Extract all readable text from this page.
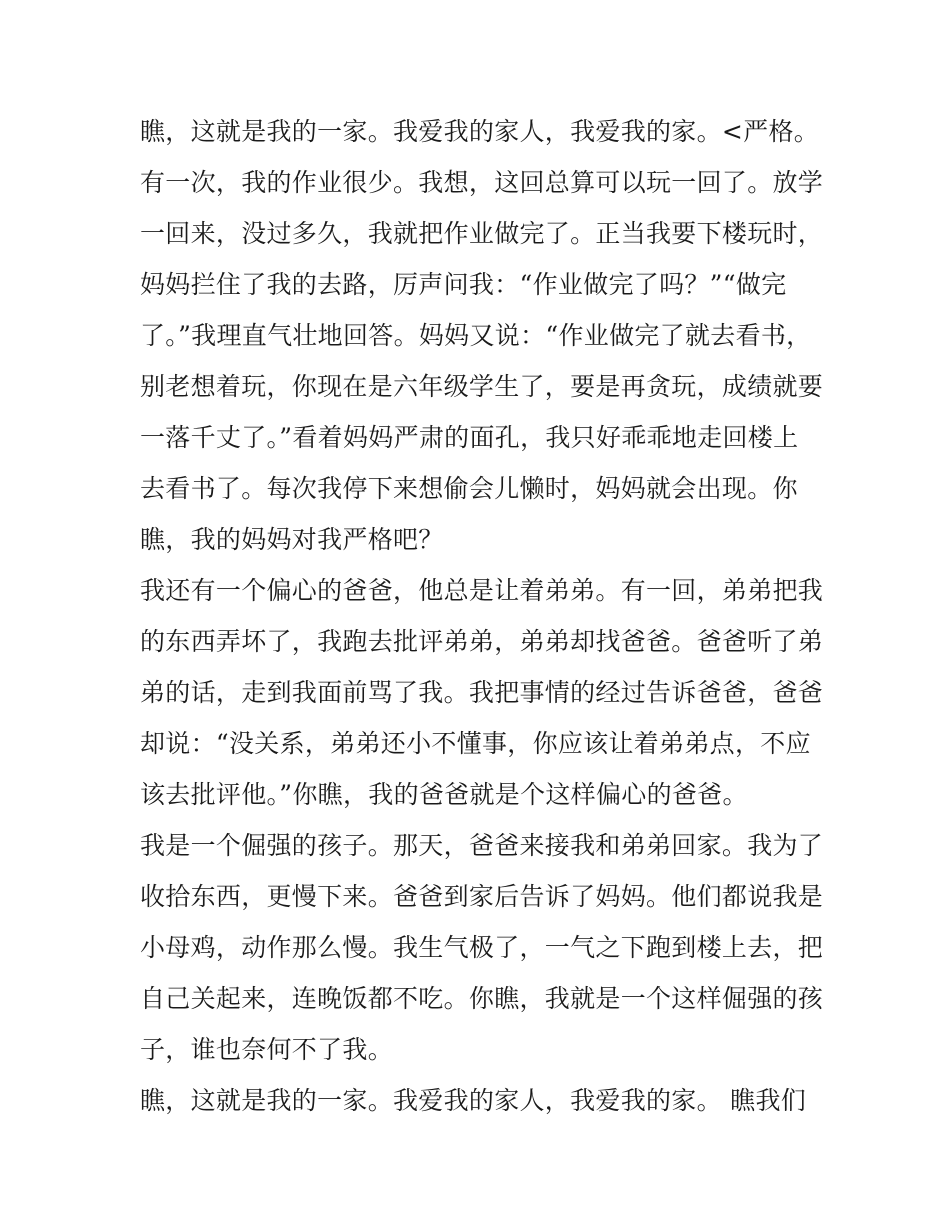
瞧，这就是我的一家。我爱我的家人，我爱我的家。<严格。
有一次，我的作业很少。我想，这回总算可以玩一回了。放学
一回来，没过多久，我就把作业做完了。正当我要下楼玩时，
妈妈拦住了我的去路，厉声问我：“作业做完了吗？”“做完
了。”我理直气壮地回答。妈妈又说：“作业做完了就去看书，
别老想着玩，你现在是六年级学生了，要是再贪玩，成绩就要
一落千丈了。”看着妈妈严肃的面孔，我只好乖乖地走回楼上
去看书了。每次我停下来想偷会儿懒时，妈妈就会出现。你
瞧，我的妈妈对我严格吧？
我还有一个偏心的爸爸，他总是让着弟弟。有一回，弟弟把我
的东西弄坏了，我跑去批评弟弟，弟弟却找爸爸。爸爸听了弟
弟的话，走到我面前骂了我。我把事情的经过告诉爸爸，爸爸
却说：“没关系，弟弟还小不懂事，你应该让着弟弟点，不应
该去批评他。”你瞧，我的爸爸就是个这样偏心的爸爸。
我是一个倔强的孩子。那天，爸爸来接我和弟弟回家。我为了
收拾东西，更慢下来。爸爸到家后告诉了妈妈。他们都说我是
小母鸡，动作那么慢。我生气极了，一气之下跑到楼上去，把
自己关起来，连晚饭都不吃。你瞧，我就是一个这样倔强的孩
子，谁也奈何不了我。
瞧，这就是我的一家。我爱我的家人，我爱我的家。 瞧我们
